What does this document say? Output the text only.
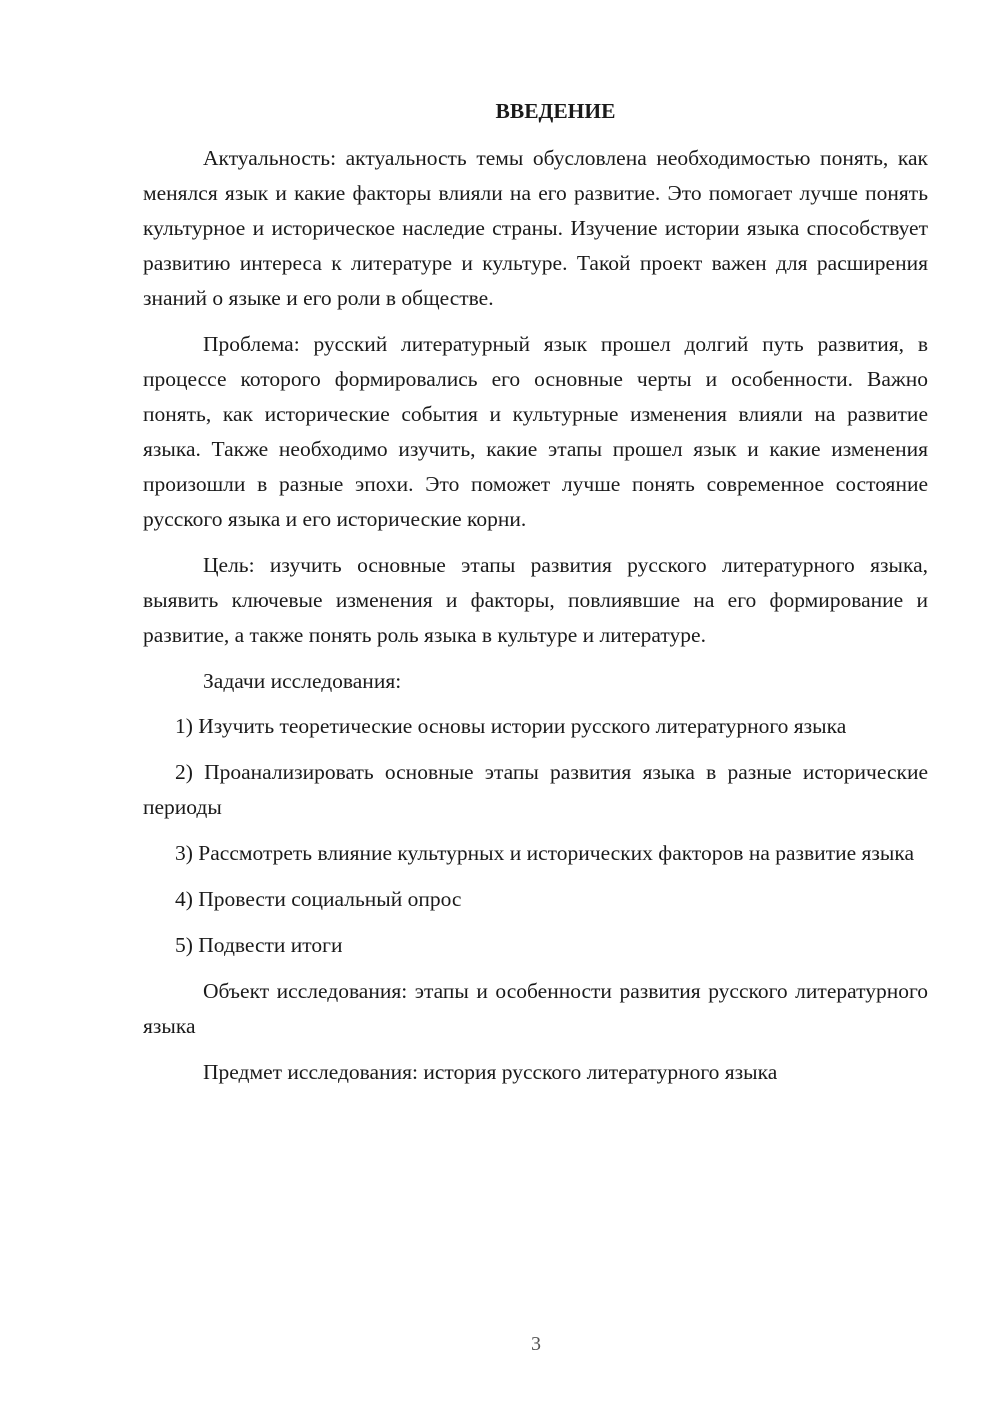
ВВЕДЕНИЕ

Актуальность: актуальность темы обусловлена необходимостью понять, как менялся язык и какие факторы влияли на его развитие. Это помогает лучше понять культурное и историческое наследие страны. Изучение истории языка способствует развитию интереса к литературе и культуре. Такой проект важен для расширения знаний о языке и его роли в обществе.

Проблема: русский литературный язык прошел долгий путь развития, в процессе которого формировались его основные черты и особенности. Важно понять, как исторические события и культурные изменения влияли на развитие языка. Также необходимо изучить, какие этапы прошел язык и какие изменения произошли в разные эпохи. Это поможет лучше понять современное состояние русского языка и его исторические корни.

Цель: изучить основные этапы развития русского литературного языка, выявить ключевые изменения и факторы, повлиявшие на его формирование и развитие, а также понять роль языка в культуре и литературе.

Задачи исследования:

1) Изучить теоретические основы истории русского литературного языка

2) Проанализировать основные этапы развития языка в разные исторические периоды

3) Рассмотреть влияние культурных и исторических факторов на развитие языка

4) Провести социальный опрос

5) Подвести итоги

Объект исследования: этапы и особенности развития русского литературного языка

Предмет исследования: история русского литературного языка

3
